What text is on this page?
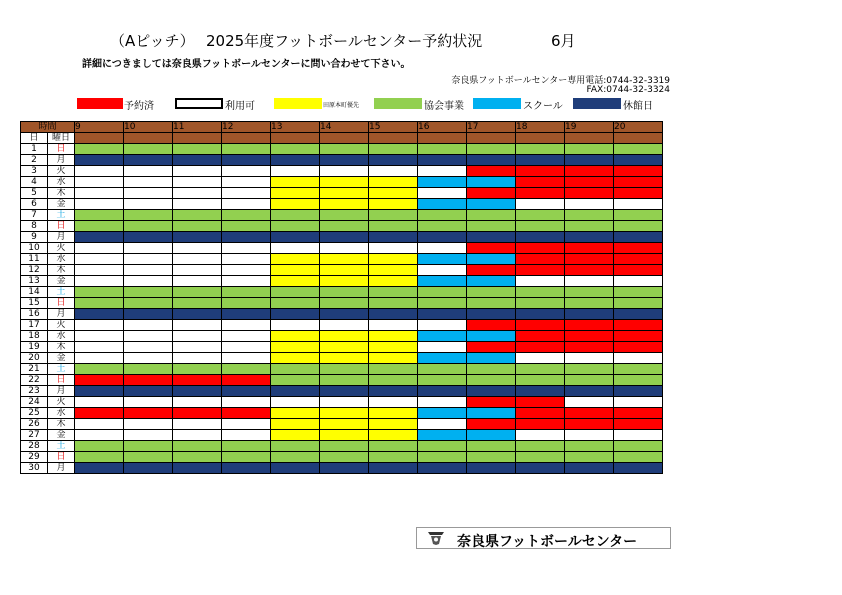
（Aピッチ） 2025年度フットボールセンター予約状況	6月
詳細につきましては奈良県フットボールセンターに問い合わせて下さい。
奈良県フットボールセンター専用電話:0744-32-3319
FAX:0744-32-3324
予約済	利用可	田原本町優先	協会事業	スクール	休館日
時間		9	10	11	12	13	14	15	16	17	18	19	20
日	曜日												
1	日												
2	月												
3	火												
4	水												
5	木												
6	金												
7	土												
8	日												
9	月												
10	火												
11	水												
12	木												
13	金												
14	土												
15	日												
16	月												
17	火												
18	水												
19	木												
20	金												
21	土												
22	日												
23	月												
24	火												
25	水												
26	木												
27	金												
28	土												
29	日												
30	月												
奈良県フットボールセンター
